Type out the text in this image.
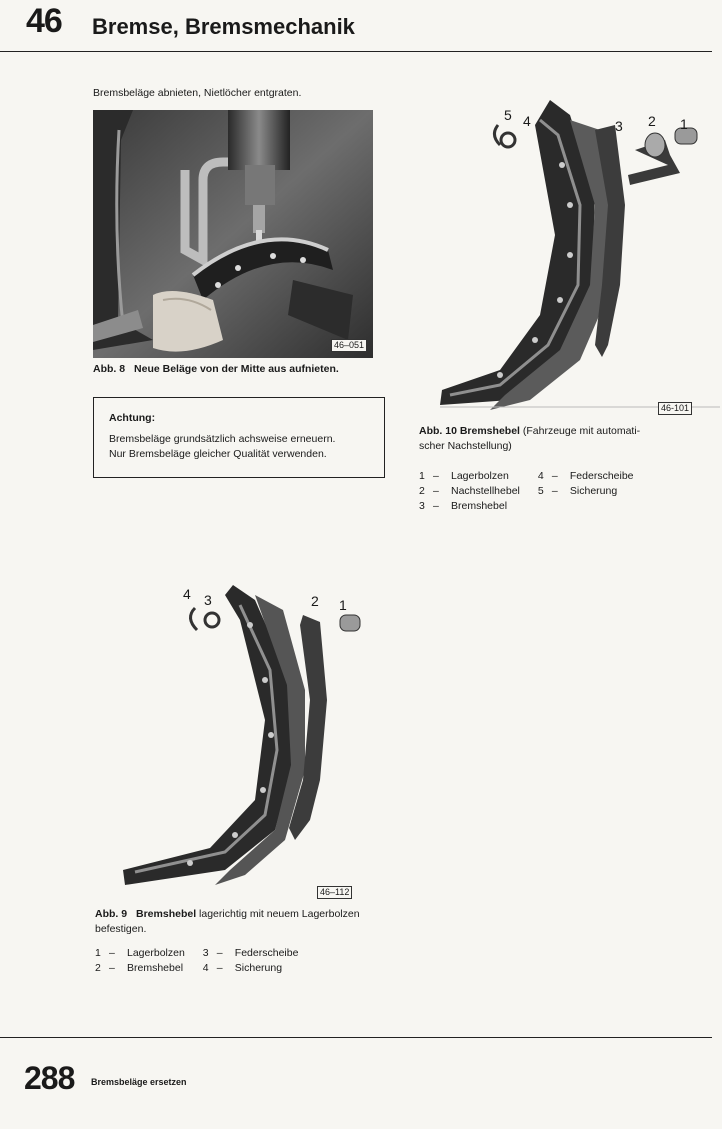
46 Bremse, Bremsmechanik
Bremsbeläge abnieten, Nietlöcher entgraten.
46–051
Abb. 8 Neue Beläge von der Mitte aus aufnieten.
Achtung:
Bremsbeläge grundsätzlich achsweise erneuern.
Nur Bremsbeläge gleicher Qualität verwenden.
5 4	3 2 1
46-101
Abb. 10 Bremshebel (Fahrzeuge mit automati-
scher Nachstellung)
1	–	Lagerbolzen	4	–	Federscheibe
2	–	Nachstellhebel	5	–	Sicherung
3	–	Bremshebel			
4 3	2 1
46–112
Abb. 9 Bremshebel lagerichtig mit neuem Lagerbolzen
befestigen.
1	–	Lagerbolzen	3	–	Federscheibe
2	–	Bremshebel	4	–	Sicherung
288 Bremsbeläge ersetzen
